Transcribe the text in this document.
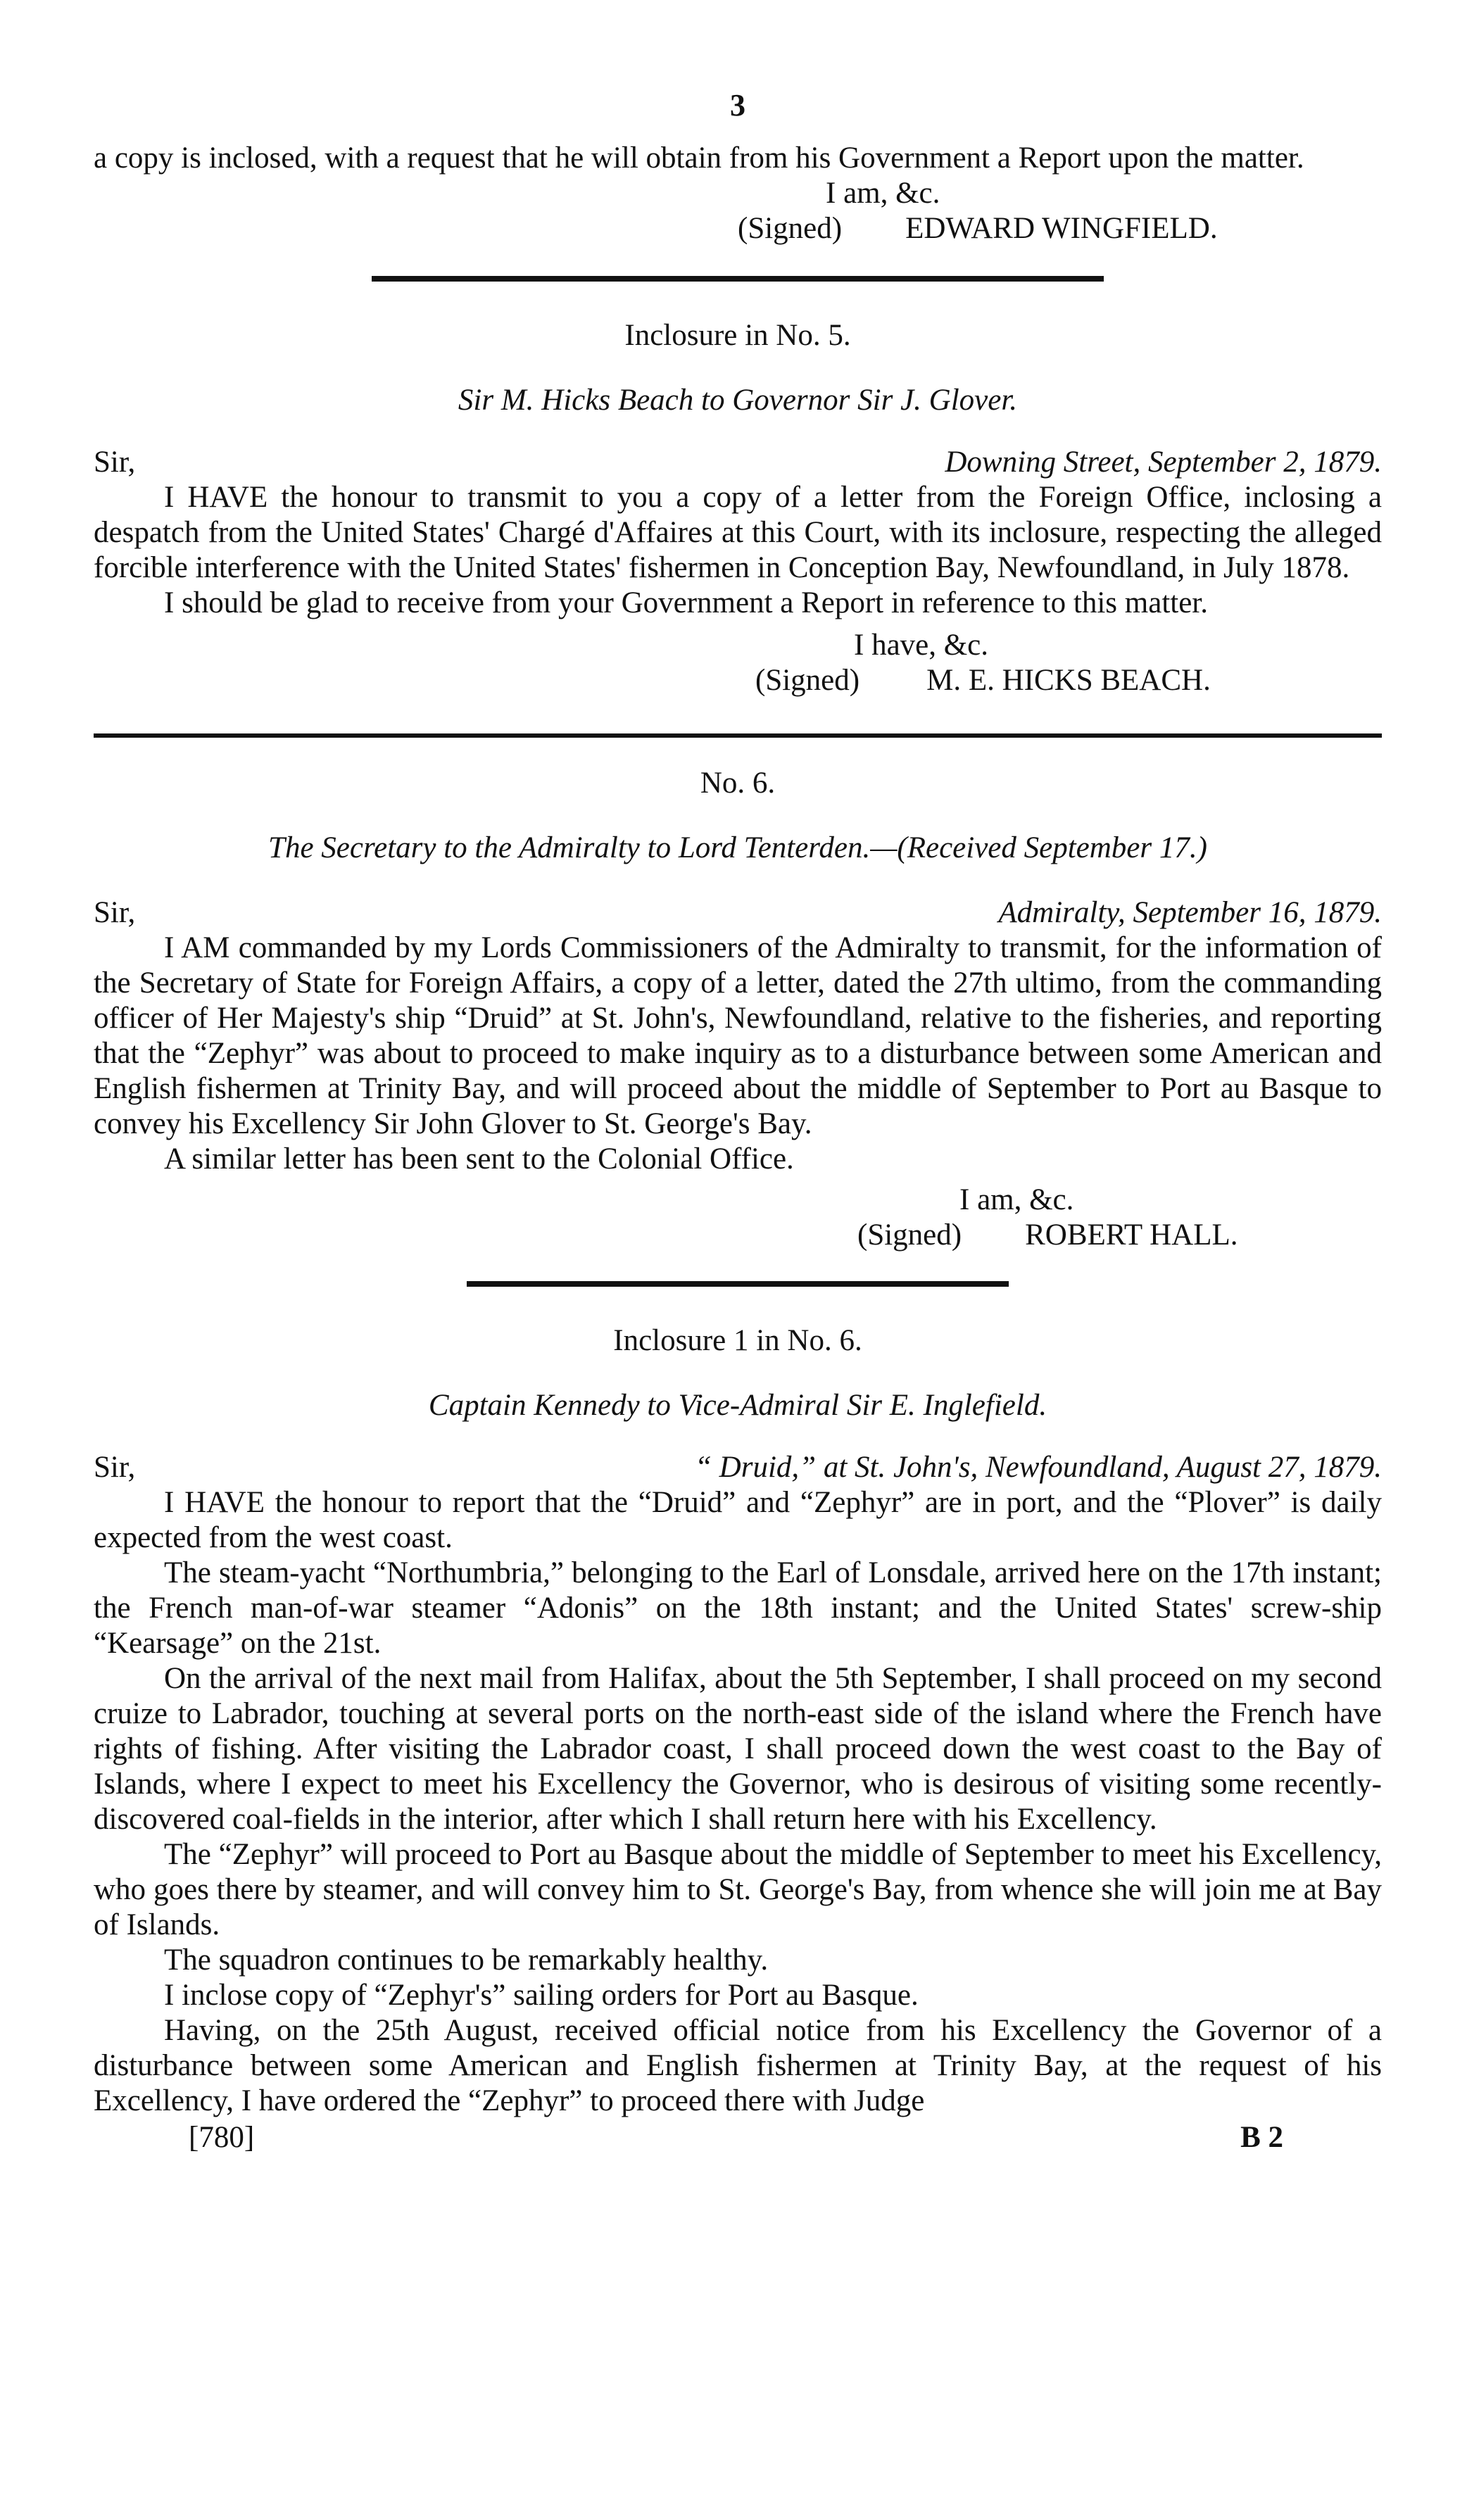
3

a copy is inclosed, with a request that he will obtain from his Government a Report upon the matter.

I am, &c.
(Signed) EDWARD WINGFIELD.
Inclosure in No. 5.
Sir M. Hicks Beach to Governor Sir J. Glover.
Sir,	Downing Street, September 2, 1879.

I HAVE the honour to transmit to you a copy of a letter from the Foreign Office, inclosing a despatch from the United States' Chargé d'Affaires at this Court, with its inclosure, respecting the alleged forcible interference with the United States' fishermen in Conception Bay, Newfoundland, in July 1878.

I should be glad to receive from your Government a Report in reference to this matter.

I have, &c.
(Signed) M. E. HICKS BEACH.
No. 6.
The Secretary to the Admiralty to Lord Tenterden.—(Received September 17.)
Sir,	Admiralty, September 16, 1879.

I AM commanded by my Lords Commissioners of the Admiralty to transmit, for the information of the Secretary of State for Foreign Affairs, a copy of a letter, dated the 27th ultimo, from the commanding officer of Her Majesty's ship “Druid” at St. John's, Newfoundland, relative to the fisheries, and reporting that the “Zephyr” was about to proceed to make inquiry as to a disturbance between some American and English fishermen at Trinity Bay, and will proceed about the middle of September to Port au Basque to convey his Excellency Sir John Glover to St. George's Bay.

A similar letter has been sent to the Colonial Office.

I am, &c.
(Signed) ROBERT HALL.
Inclosure 1 in No. 6.
Captain Kennedy to Vice-Admiral Sir E. Inglefield.
Sir,	“ Druid,” at St. John's, Newfoundland, August 27, 1879.

I HAVE the honour to report that the “Druid” and “Zephyr” are in port, and the “Plover” is daily expected from the west coast.

The steam-yacht “Northumbria,” belonging to the Earl of Lonsdale, arrived here on the 17th instant; the French man-of-war steamer “Adonis” on the 18th instant; and the United States' screw-ship “Kearsage” on the 21st.

On the arrival of the next mail from Halifax, about the 5th September, I shall proceed on my second cruize to Labrador, touching at several ports on the north-east side of the island where the French have rights of fishing. After visiting the Labrador coast, I shall proceed down the west coast to the Bay of Islands, where I expect to meet his Excellency the Governor, who is desirous of visiting some recently-discovered coal-fields in the interior, after which I shall return here with his Excellency.

The “Zephyr” will proceed to Port au Basque about the middle of September to meet his Excellency, who goes there by steamer, and will convey him to St. George's Bay, from whence she will join me at Bay of Islands.

The squadron continues to be remarkably healthy.

I inclose copy of “Zephyr's” sailing orders for Port au Basque.

Having, on the 25th August, received official notice from his Excellency the Governor of a disturbance between some American and English fishermen at Trinity Bay, at the request of his Excellency, I have ordered the “Zephyr” to proceed there with Judge

[780]	B 2
